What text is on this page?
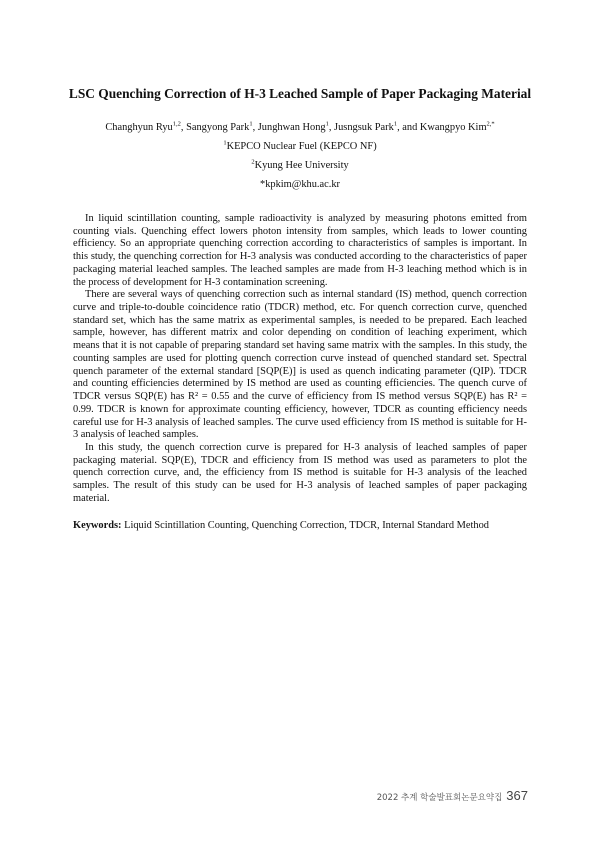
LSC Quenching Correction of H-3 Leached Sample of Paper Packaging Material
Changhyun Ryu$^{1,2}$, Sangyong Park$^1$, Junghwan Hong$^1$, Jusngsuk Park$^1$, and Kwangpyo Kim$^{2,*}$
$^1$KEPCO Nuclear Fuel (KEPCO NF)
$^2$Kyung Hee University
*kpkim@khu.ac.kr

In liquid scintillation counting, sample radioactivity is analyzed by measuring photons emitted from counting vials. Quenching effect lowers photon intensity from samples, which leads to lower counting efficiency. So an appropriate quenching correction according to characteristics of samples is important. In this study, the quenching correction for H-3 analysis was conducted according to the characteristics of paper packaging material leached samples. The leached samples are made from H-3 leaching method which is in the process of development for H-3 contamination screening.

There are several ways of quenching correction such as internal standard (IS) method, quench correction curve and triple-to-double coincidence ratio (TDCR) method, etc. For quench correction curve, quenched standard set, which has the same matrix as experimental samples, is needed to be prepared. Each leached sample, however, has different matrix and color depending on condition of leaching experiment, which means that it is not capable of preparing standard set having same matrix with the samples. In this study, the counting samples are used for plotting quench correction curve instead of quenched standard set. Spectral quench parameter of the external standard [SQP(E)] is used as quench indicating parameter (QIP). TDCR and counting efficiencies determined by IS method are used as counting efficiencies. The quench curve of TDCR versus SQP(E) has R² = 0.55 and the curve of efficiency from IS method versus SQP(E) has R² = 0.99. TDCR is known for approximate counting efficiency, however, TDCR as counting efficiency needs careful use for H-3 analysis of leached samples. The curve used efficiency from IS method is suitable for H-3 analysis of leached samples.

In this study, the quench correction curve is prepared for H-3 analysis of leached samples of paper packaging material. SQP(E), TDCR and efficiency from IS method was used as parameters to plot the quench correction curve, and, the efficiency from IS method is suitable for H-3 analysis of the leached samples. The result of this study can be used for H-3 analysis of leached samples of paper packaging material.

Keywords: Liquid Scintillation Counting, Quenching Correction, TDCR, Internal Standard Method
2022 추계 학술발표회논문요약집 367
